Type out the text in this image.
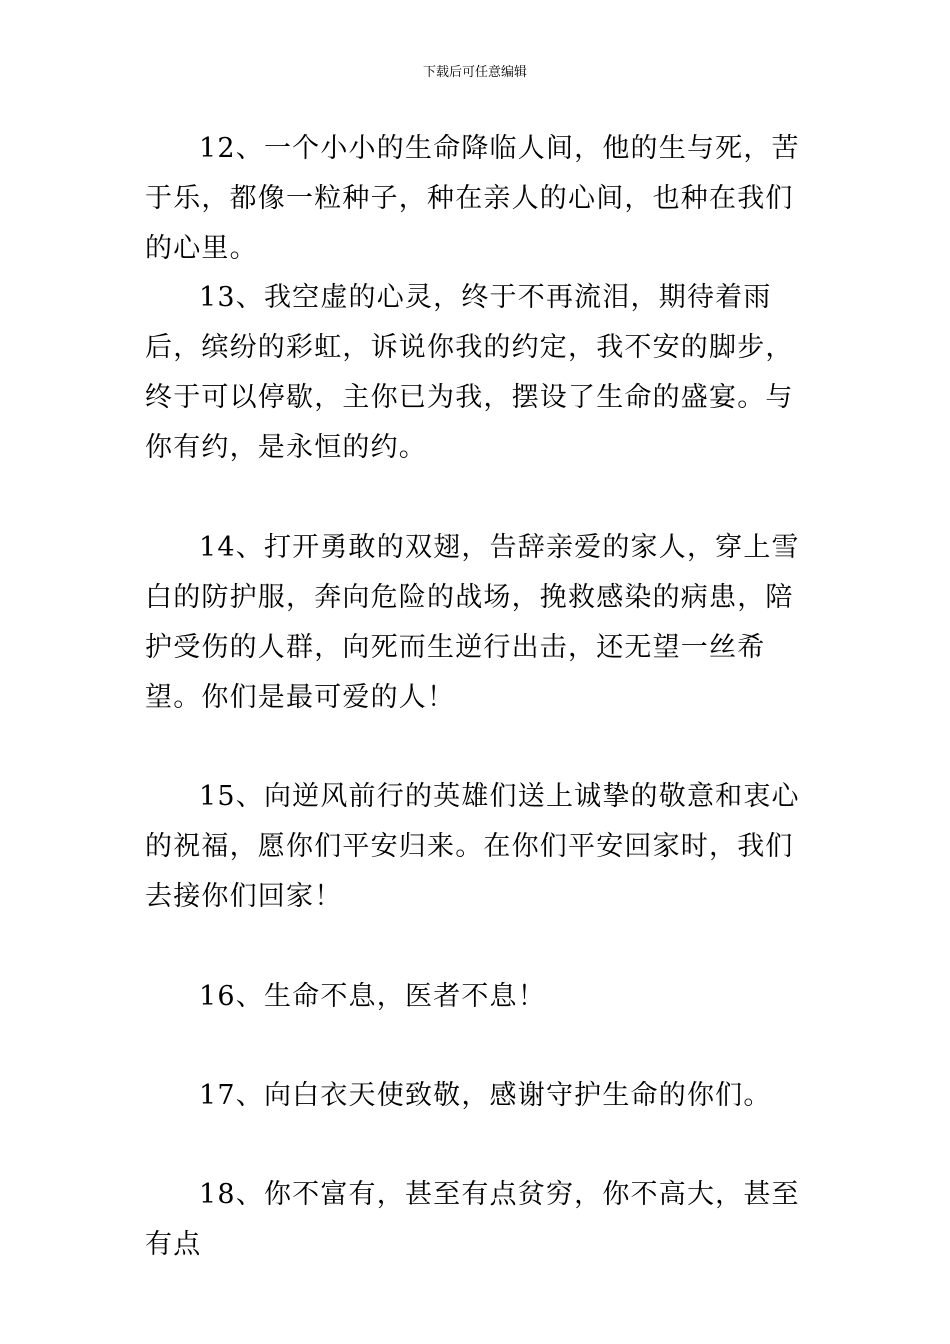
下载后可任意编辑

12、一个小小的生命降临人间，他的生与死，苦于乐，都像一粒种子，种在亲人的心间，也种在我们的心里。

13、我空虚的心灵，终于不再流泪，期待着雨后，缤纷的彩虹，诉说你我的约定，我不安的脚步，终于可以停歇，主你已为我，摆设了生命的盛宴。与你有约，是永恒的约。

14、打开勇敢的双翅，告辞亲爱的家人，穿上雪白的防护服，奔向危险的战场，挽救感染的病患，陪护受伤的人群，向死而生逆行出击，还无望一丝希望。你们是最可爱的人！

15、向逆风前行的英雄们送上诚挚的敬意和衷心的祝福，愿你们平安归来。在你们平安回家时，我们去接你们回家！

16、生命不息，医者不息！

17、向白衣天使致敬，感谢守护生命的你们。

18、你不富有，甚至有点贫穷，你不高大，甚至有点
